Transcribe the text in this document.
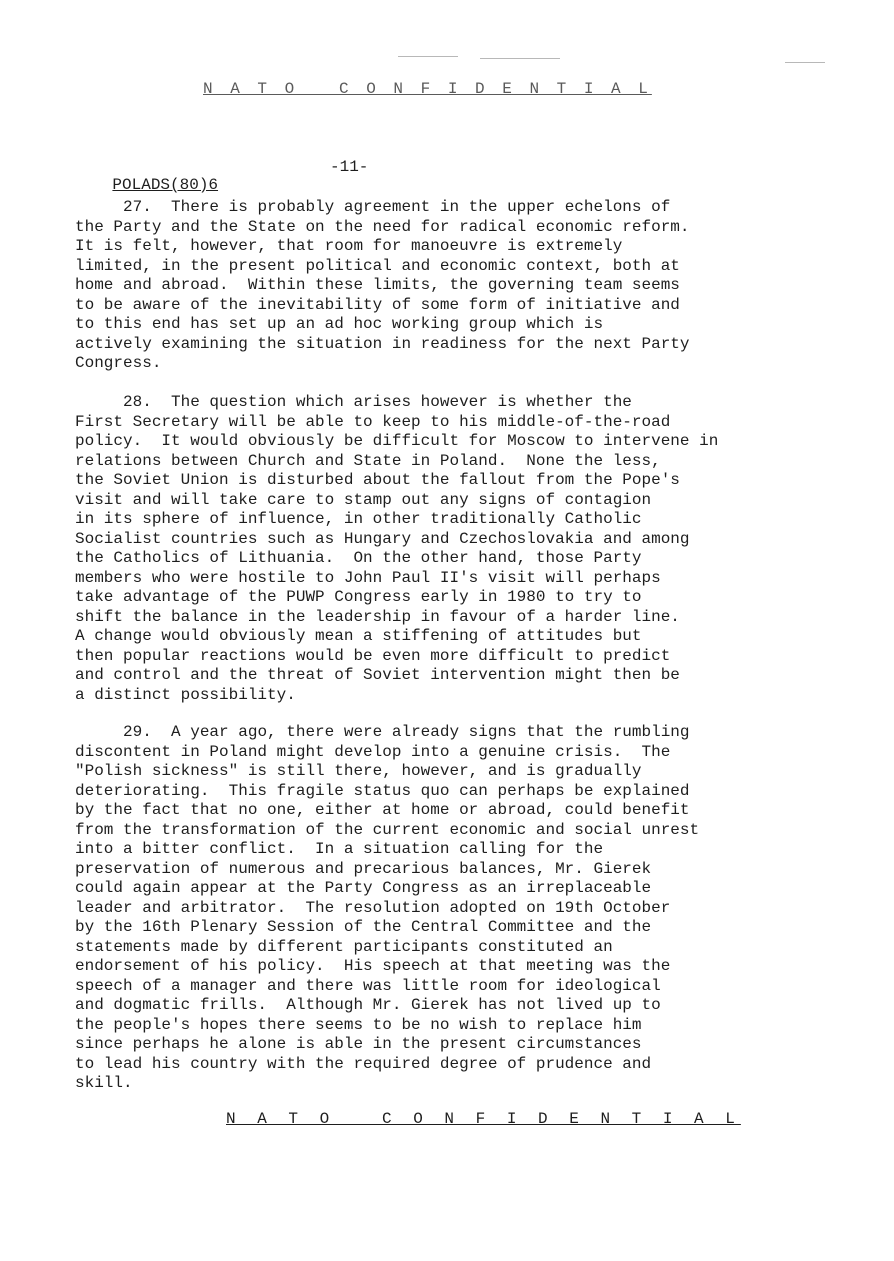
N A T O   C O N F I D E N T I A L

POLADS(80)6

-11-

27.  There is probably agreement in the upper echelons of
the Party and the State on the need for radical economic reform.
It is felt, however, that room for manoeuvre is extremely
limited, in the present political and economic context, both at
home and abroad.  Within these limits, the governing team seems
to be aware of the inevitability of some form of initiative and
to this end has set up an ad hoc working group which is
actively examining the situation in readiness for the next Party
Congress.

28.  The question which arises however is whether the
First Secretary will be able to keep to his middle-of-the-road
policy.  It would obviously be difficult for Moscow to intervene in
relations between Church and State in Poland.  None the less,
the Soviet Union is disturbed about the fallout from the Pope's
visit and will take care to stamp out any signs of contagion
in its sphere of influence, in other traditionally Catholic
Socialist countries such as Hungary and Czechoslovakia and among
the Catholics of Lithuania.  On the other hand, those Party
members who were hostile to John Paul II's visit will perhaps
take advantage of the PUWP Congress early in 1980 to try to
shift the balance in the leadership in favour of a harder line.
A change would obviously mean a stiffening of attitudes but
then popular reactions would be even more difficult to predict
and control and the threat of Soviet intervention might then be
a distinct possibility.

29.  A year ago, there were already signs that the rumbling
discontent in Poland might develop into a genuine crisis.  The
"Polish sickness" is still there, however, and is gradually
deteriorating.  This fragile status quo can perhaps be explained
by the fact that no one, either at home or abroad, could benefit
from the transformation of the current economic and social unrest
into a bitter conflict.  In a situation calling for the
preservation of numerous and precarious balances, Mr. Gierek
could again appear at the Party Congress as an irreplaceable
leader and arbitrator.  The resolution adopted on 19th October
by the 16th Plenary Session of the Central Committee and the
statements made by different participants constituted an
endorsement of his policy.  His speech at that meeting was the
speech of a manager and there was little room for ideological
and dogmatic frills.  Although Mr. Gierek has not lived up to
the people's hopes there seems to be no wish to replace him
since perhaps he alone is able in the present circumstances
to lead his country with the required degree of prudence and
skill.

N A T O   C O N F I D E N T I A L
